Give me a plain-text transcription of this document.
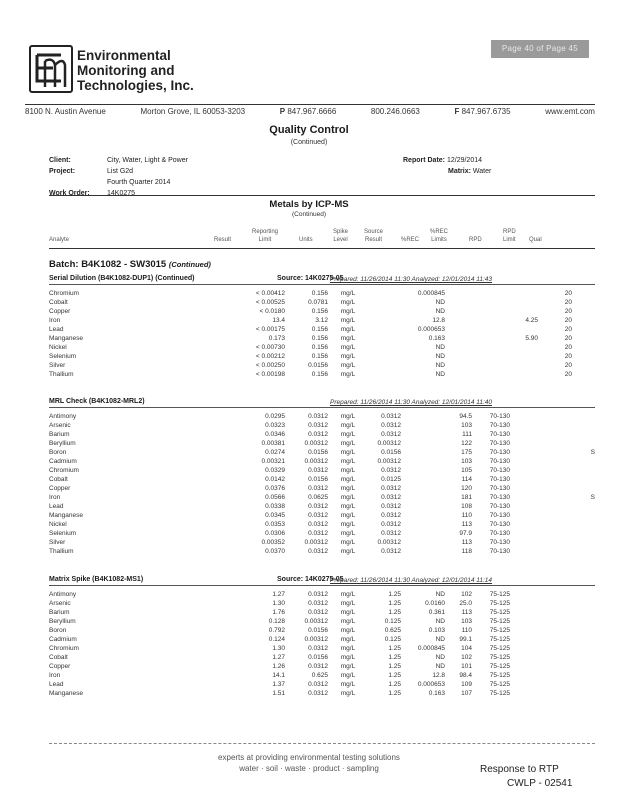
Environmental
Monitoring and
Technologies, Inc.
Page 40 of Page 45
8100 N. Austin Avenue	Morton Grove, IL 60053-3203	P 847.967.6666	800.246.0663	F 847.967.6735	www.emt.com
Quality Control
(Continued)
Client:	City, Water, Light & Power
Project:	List G2d
Fourth Quarter 2014
Work Order: 14K0275
Report Date: 12/29/2014
Matrix: Water
Metals by ICP-MS
(Continued)
Analyte	Result
Reporting
Limit	Units
Spike
Level
Source
Result	%REC
%REC
Limits	RPD
RPD
Limit Qual
Batch: B4K1082 - SW3015 (Continued)
Serial Dilution (B4K1082-DUP1) (Continued)	Source: 14K0275-05
Prepared: 11/26/2014 11:30 Analyzed: 12/01/2014 11:43
Chromium	< 0.00412	0.156	mg/L		0.000845				20	
Cobalt	< 0.00525	0.0781	mg/L		ND				20	
Copper	< 0.0180	0.156	mg/L		ND				20	
Iron	13.4	3.12	mg/L		12.8			4.25	20	
Lead	< 0.00175	0.156	mg/L		0.000653				20	
Manganese	0.173	0.156	mg/L		0.163			5.90	20	
Nickel	< 0.00730	0.156	mg/L		ND				20	
Selenium	< 0.00212	0.156	mg/L		ND				20	
Silver	< 0.00250	0.0156	mg/L		ND				20	
Thallium	< 0.00198	0.156	mg/L		ND				20	
MRL Check (B4K1082-MRL2)	Prepared: 11/26/2014 11:30 Analyzed: 12/01/2014 11:40
Antimony	0.0295	0.0312	mg/L	0.0312		94.5	70-130			
Arsenic	0.0323	0.0312	mg/L	0.0312		103	70-130			
Barium	0.0346	0.0312	mg/L	0.0312		111	70-130			
Beryllium	0.00381	0.00312	mg/L	0.00312		122	70-130			
Boron	0.0274	0.0156	mg/L	0.0156		175	70-130			S
Cadmium	0.00321	0.00312	mg/L	0.00312		103	70-130			
Chromium	0.0329	0.0312	mg/L	0.0312		105	70-130			
Cobalt	0.0142	0.0156	mg/L	0.0125		114	70-130			
Copper	0.0376	0.0312	mg/L	0.0312		120	70-130			
Iron	0.0566	0.0625	mg/L	0.0312		181	70-130			S
Lead	0.0338	0.0312	mg/L	0.0312		108	70-130			
Manganese	0.0345	0.0312	mg/L	0.0312		110	70-130			
Nickel	0.0353	0.0312	mg/L	0.0312		113	70-130			
Selenium	0.0306	0.0312	mg/L	0.0312		97.9	70-130			
Silver	0.00352	0.00312	mg/L	0.00312		113	70-130			
Thallium	0.0370	0.0312	mg/L	0.0312		118	70-130			
Matrix Spike (B4K1082-MS1)	Source: 14K0275-05
Prepared: 11/26/2014 11:30 Analyzed: 12/01/2014 11:14
Antimony	1.27	0.0312	mg/L	1.25	ND	102	75-125			
Arsenic	1.30	0.0312	mg/L	1.25	0.0160	25.0	75-125			
Barium	1.76	0.0312	mg/L	1.25	0.361	113	75-125			
Beryllium	0.128	0.00312	mg/L	0.125	ND	103	75-125			
Boron	0.792	0.0156	mg/L	0.625	0.103	110	75-125			
Cadmium	0.124	0.00312	mg/L	0.125	ND	99.1	75-125			
Chromium	1.30	0.0312	mg/L	1.25	0.000845	104	75-125			
Cobalt	1.27	0.0156	mg/L	1.25	ND	102	75-125			
Copper	1.26	0.0312	mg/L	1.25	ND	101	75-125			
Iron	14.1	0.625	mg/L	1.25	12.8	98.4	75-125			
Lead	1.37	0.0312	mg/L	1.25	0.000653	109	75-125			
Manganese	1.51	0.0312	mg/L	1.25	0.163	107	75-125			
experts at providing environmental testing solutions
water · soil · waste · product · sampling	Response to RTP
CWLP - 02541
